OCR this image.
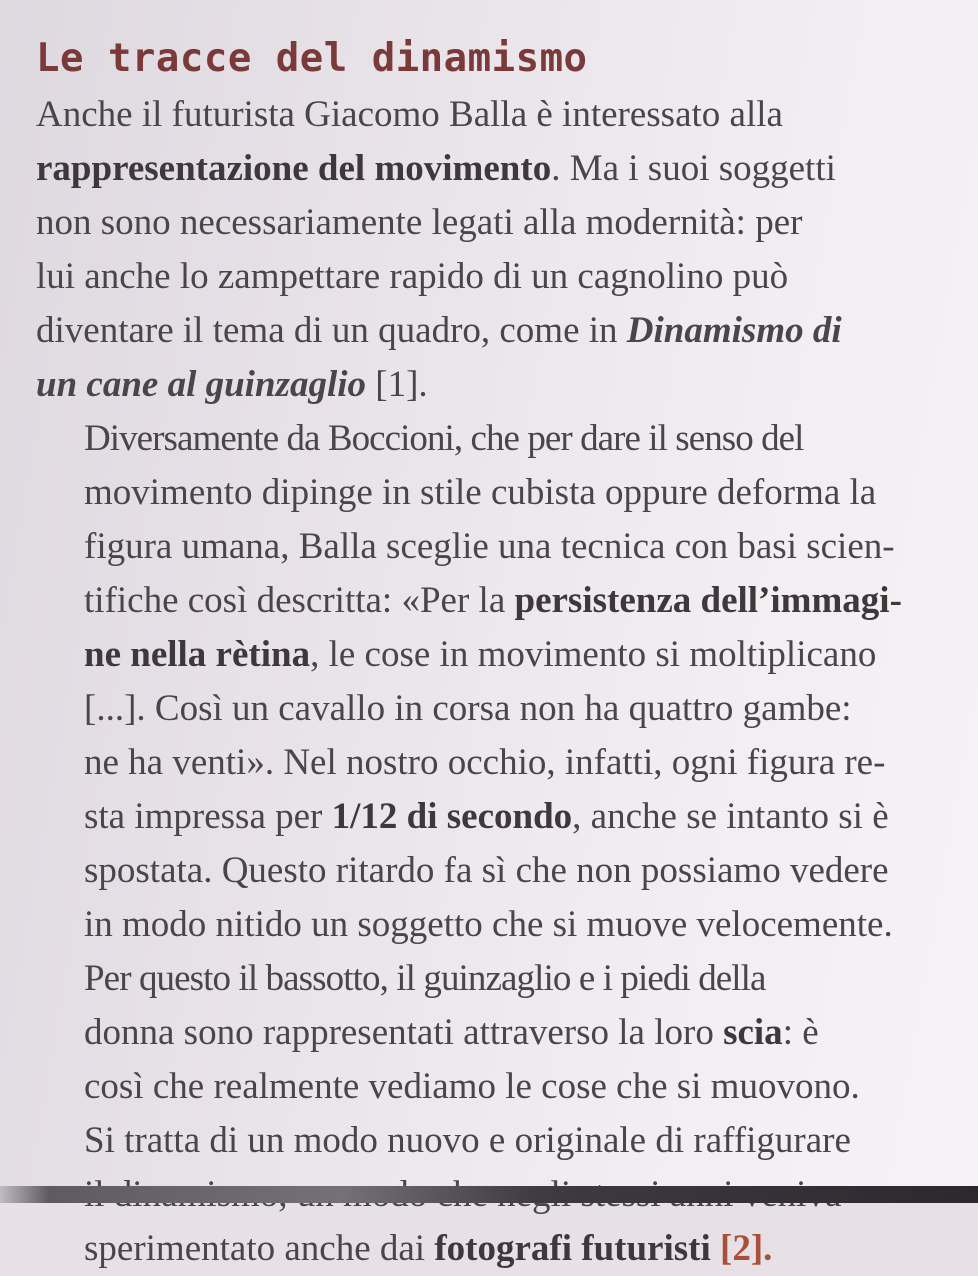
Le tracce del dinamismo

Anche il futurista Giacomo Balla è interessato alla
rappresentazione del movimento. Ma i suoi soggetti
non sono necessariamente legati alla modernità: per
lui anche lo zampettare rapido di un cagnolino può
diventare il tema di un quadro, come in Dinamismo di
un cane al guinzaglio [1].

Diversamente da Boccioni, che per dare il senso del
movimento dipinge in stile cubista oppure deforma la
figura umana, Balla sceglie una tecnica con basi scien-
tifiche così descritta: «Per la persistenza dell’immagi-
ne nella rètina, le cose in movimento si moltiplicano
[...]. Così un cavallo in corsa non ha quattro gambe:
ne ha venti». Nel nostro occhio, infatti, ogni figura re-
sta impressa per 1/12 di secondo, anche se intanto si è
spostata. Questo ritardo fa sì che non possiamo vedere
in modo nitido un soggetto che si muove velocemente.

Per questo il bassotto, il guinzaglio e i piedi della
donna sono rappresentati attraverso la loro scia: è
così che realmente vediamo le cose che si muovono.
Si tratta di un modo nuovo e originale di raffigurare
sperimentato anche dai fotografi futuristi [2].
